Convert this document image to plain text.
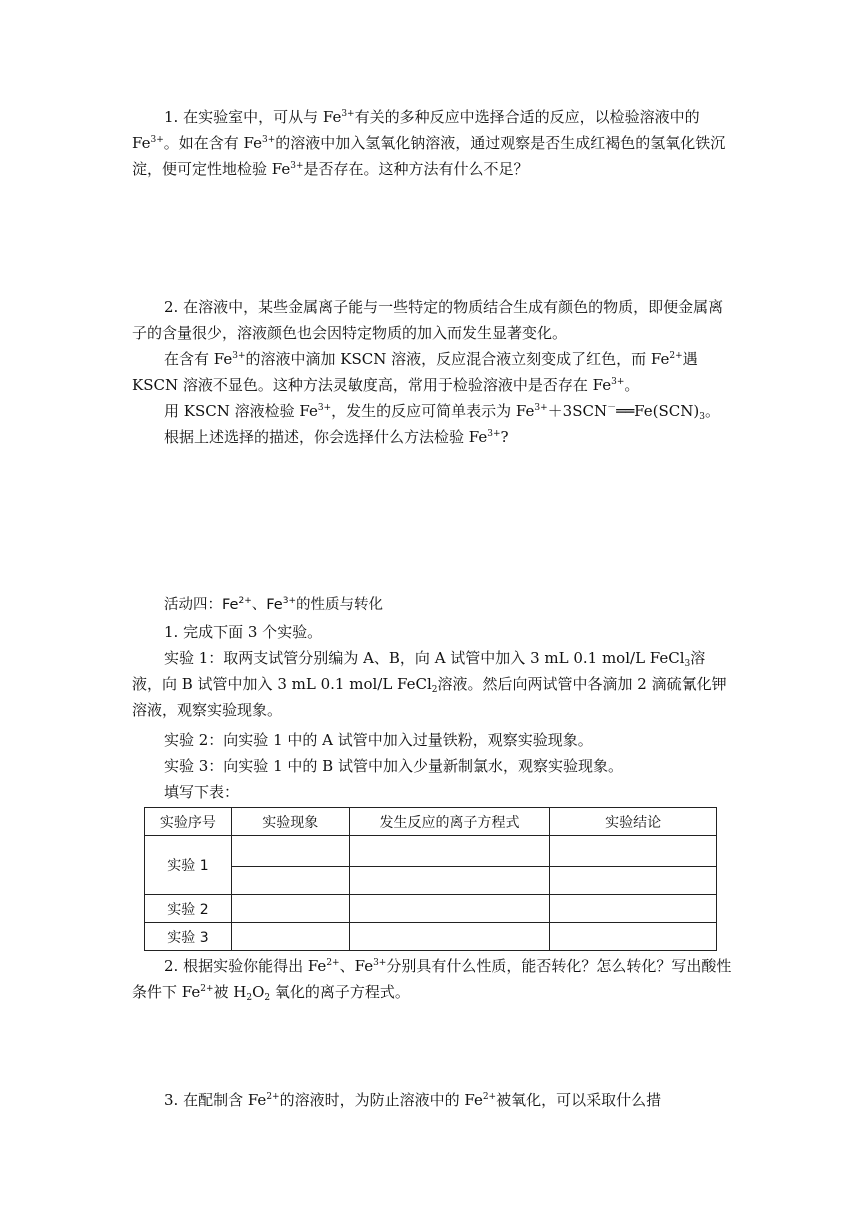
1. 在实验室中，可从与 $Fe^{3+}$有关的多种反应中选择合适的反应，以检验溶液中的 $Fe^{3+}$。如在含有 $Fe^{3+}$的溶液中加入氢氧化钠溶液，通过观察是否生成红褐色的氢氧化铁沉淀，便可定性地检验 $Fe^{3+}$是否存在。这种方法有什么不足？

2. 在溶液中，某些金属离子能与一些特定的物质结合生成有颜色的物质，即便金属离子的含量很少，溶液颜色也会因特定物质的加入而发生显著变化。

在含有 $Fe^{3+}$的溶液中滴加 KSCN 溶液，反应混合液立刻变成了红色，而 $Fe^{2+}$遇 KSCN 溶液不显色。这种方法灵敏度高，常用于检验溶液中是否存在 $Fe^{3+}$。

用 KSCN 溶液检验 $Fe^{3+}$，发生的反应可简单表示为 $Fe^{3+}+3SCN^-══Fe(SCN)_3$。

根据上述选择的描述，你会选择什么方法检验 $Fe^{3+}$?

活动四：$Fe^{2+}$、$Fe^{3+}$的性质与转化

1. 完成下面 3 个实验。

实验 1：取两支试管分别编为 A、B，向 A 试管中加入 3 mL 0.1 mol/L FeCl$_3$溶液，向 B 试管中加入 3 mL 0.1 mol/L FeCl$_2$溶液。然后向两试管中各滴加 2 滴硫氰化钾溶液，观察实验现象。

实验 2：向实验 1 中的 A 试管中加入过量铁粉，观察实验现象。

实验 3：向实验 1 中的 B 试管中加入少量新制氯水，观察实验现象。

填写下表：

实验序号	实验现象	发生反应的离子方程式	实验结论
实验 1			

实验 2			
实验 3			

2. 根据实验你能得出 $Fe^{2+}$、$Fe^{3+}$分别具有什么性质，能否转化？怎么转化？写出酸性条件下 $Fe^{2+}$被 $H_2O_2$ 氧化的离子方程式。

3. 在配制含 $Fe^{2+}$的溶液时，为防止溶液中的 $Fe^{2+}$被氧化，可以采取什么措
